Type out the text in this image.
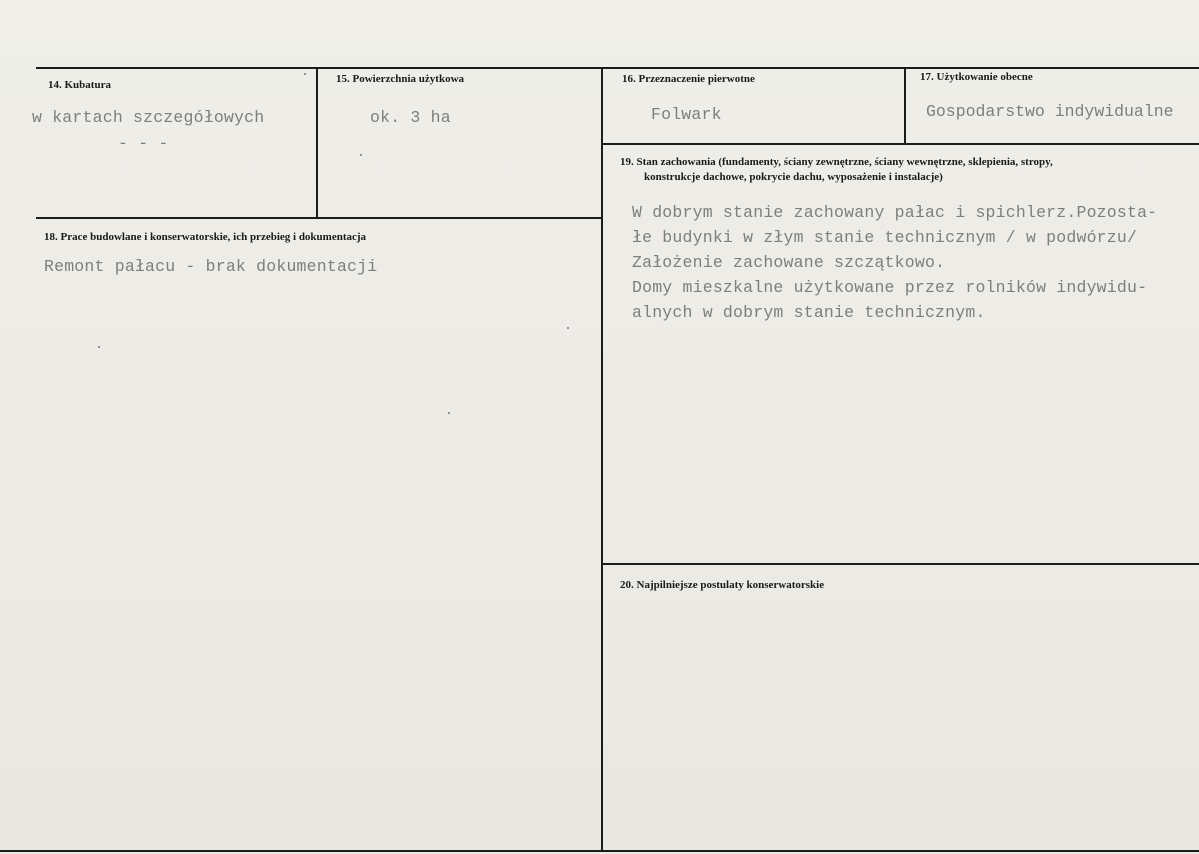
14. Kubatura
w kartach szczegółowych
- - -
15. Powierzchnia użytkowa
ok. 3 ha
16. Przeznaczenie pierwotne
Folwark
17. Użytkowanie obecne
Gospodarstwo indywidualne
18. Prace budowlane i konserwatorskie, ich przebieg i dokumentacja
Remont pałacu - brak dokumentacji
19. Stan zachowania (fundamenty, ściany zewnętrzne, ściany wewnętrzne, sklepienia, stropy,
konstrukcje dachowe, pokrycie dachu, wyposażenie i instalacje)
W dobrym stanie zachowany pałac i spichlerz.Pozosta-
łe budynki w złym stanie technicznym / w podwórzu/
Założenie zachowane szczątkowo.
Domy mieszkalne użytkowane przez rolników indywidu-
alnych w dobrym stanie technicznym.
20. Najpilniejsze postulaty konserwatorskie
